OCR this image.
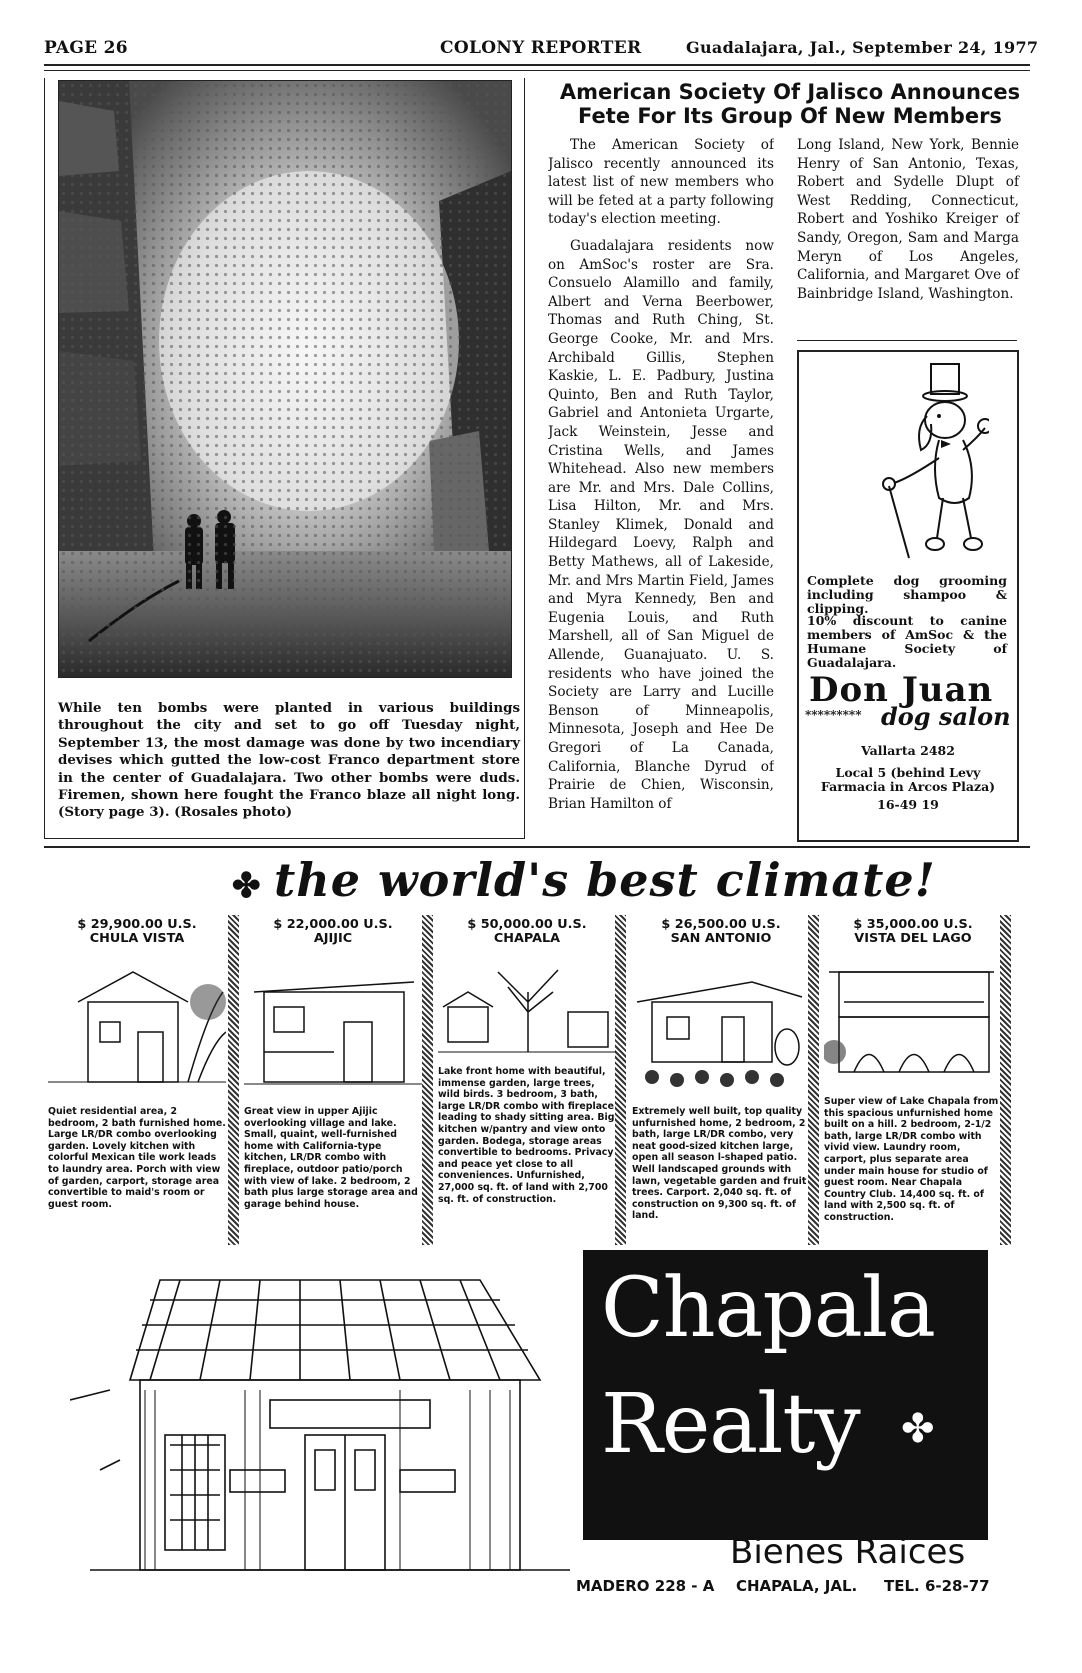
PAGE 26	COLONY REPORTER	Guadalajara, Jal., September 24, 1977
While ten bombs were planted in various buildings throughout the city and set to go off Tuesday night, September 13, the most damage was done by two incendiary devises which gutted the low-cost Franco department store in the center of Guadalajara. Two other bombs were duds. Firemen, shown here fought the Franco blaze all night long. (Story page 3). (Rosales photo)
American Society Of Jalisco Announces
Fete For Its Group Of New Members

The American Society of Jalisco recently announced its latest list of new members who will be feted at a party following today's election meeting.

Guadalajara residents now on AmSoc's roster are Sra. Consuelo Alamillo and family, Albert and Verna Beerbower, Thomas and Ruth Ching, St. George Cooke, Mr. and Mrs. Archibald Gillis, Stephen Kaskie, L. E. Padbury, Justina Quinto, Ben and Ruth Taylor, Gabriel and Antonieta Urgarte, Jack Weinstein, Jesse and Cristina Wells, and James Whitehead. Also new members are Mr. and Mrs. Dale Collins, Lisa Hilton, Mr. and Mrs. Stanley Klimek, Donald and Hildegard Loevy, Ralph and Betty Mathews, all of Lakeside, Mr. and Mrs Martin Field, James and Myra Kennedy, Ben and Eugenia Louis, and Ruth Marshell, all of San Miguel de Allende, Guanajuato. U. S. residents who have joined the Society are Larry and Lucille Benson of Minneapolis, Minnesota, Joseph and Hee De Gregori of La Canada, California, Blanche Dyrud of Prairie de Chien, Wisconsin, Brian Hamilton of

Long Island, New York, Bennie Henry of San Antonio, Texas, Robert and Sydelle Dlupt of West Redding, Connecticut, Robert and Yoshiko Kreiger of Sandy, Oregon, Sam and Marga Meryn of Los Angeles, California, and Margaret Ove of Bainbridge Island, Washington.
Complete dog grooming including shampoo & clipping.
10% discount to canine members of AmSoc & the Humane Society of Guadalajara.
Don Juan
********* dog salon
Vallarta 2482
Local 5 (behind Levy Farmacia in Arcos Plaza)
16-49 19
✤ the world's best climate!
$ 29,900.00 U.S.
CHULA VISTA
Quiet residential area, 2 bedroom, 2 bath furnished home. Large LR/DR combo overlooking garden. Lovely kitchen with colorful Mexican tile work leads to laundry area. Porch with view of garden, carport, storage area convertible to maid's room or guest room.
$ 22,000.00 U.S.
AJIJIC
Great view in upper Ajijic overlooking village and lake. Small, quaint, well-furnished home with California-type kitchen, LR/DR combo with fireplace, outdoor patio/porch with view of lake. 2 bedroom, 2 bath plus large storage area and garage behind house.
$ 50,000.00 U.S.
CHAPALA
Lake front home with beautiful, immense garden, large trees, wild birds. 3 bedroom, 3 bath, large LR/DR combo with fireplace leading to shady sitting area. Big kitchen w/pantry and view onto garden. Bodega, storage areas convertible to bedrooms. Privacy and peace yet close to all conveniences. Unfurnished, 27,000 sq. ft. of land with 2,700 sq. ft. of construction.
$ 26,500.00 U.S.
SAN ANTONIO
Extremely well built, top quality unfurnished home, 2 bedroom, 2 bath, large LR/DR combo, very neat good-sized kitchen large, open all season l-shaped patio. Well landscaped grounds with lawn, vegetable garden and fruit trees. Carport. 2,040 sq. ft. of construction on 9,300 sq. ft. of land.
$ 35,000.00 U.S.
VISTA DEL LAGO
Super view of Lake Chapala from this spacious unfurnished home built on a hill. 2 bedroom, 2-1/2 bath, large LR/DR combo with vivid view. Laundry room, carport, plus separate area under main house for studio of guest room. Near Chapala Country Club. 14,400 sq. ft. of land with 2,500 sq. ft. of construction.
Chapala
Realty ✤
Bienes Raices
MADERO 228 - A CHAPALA, JAL. TEL. 6-28-77
